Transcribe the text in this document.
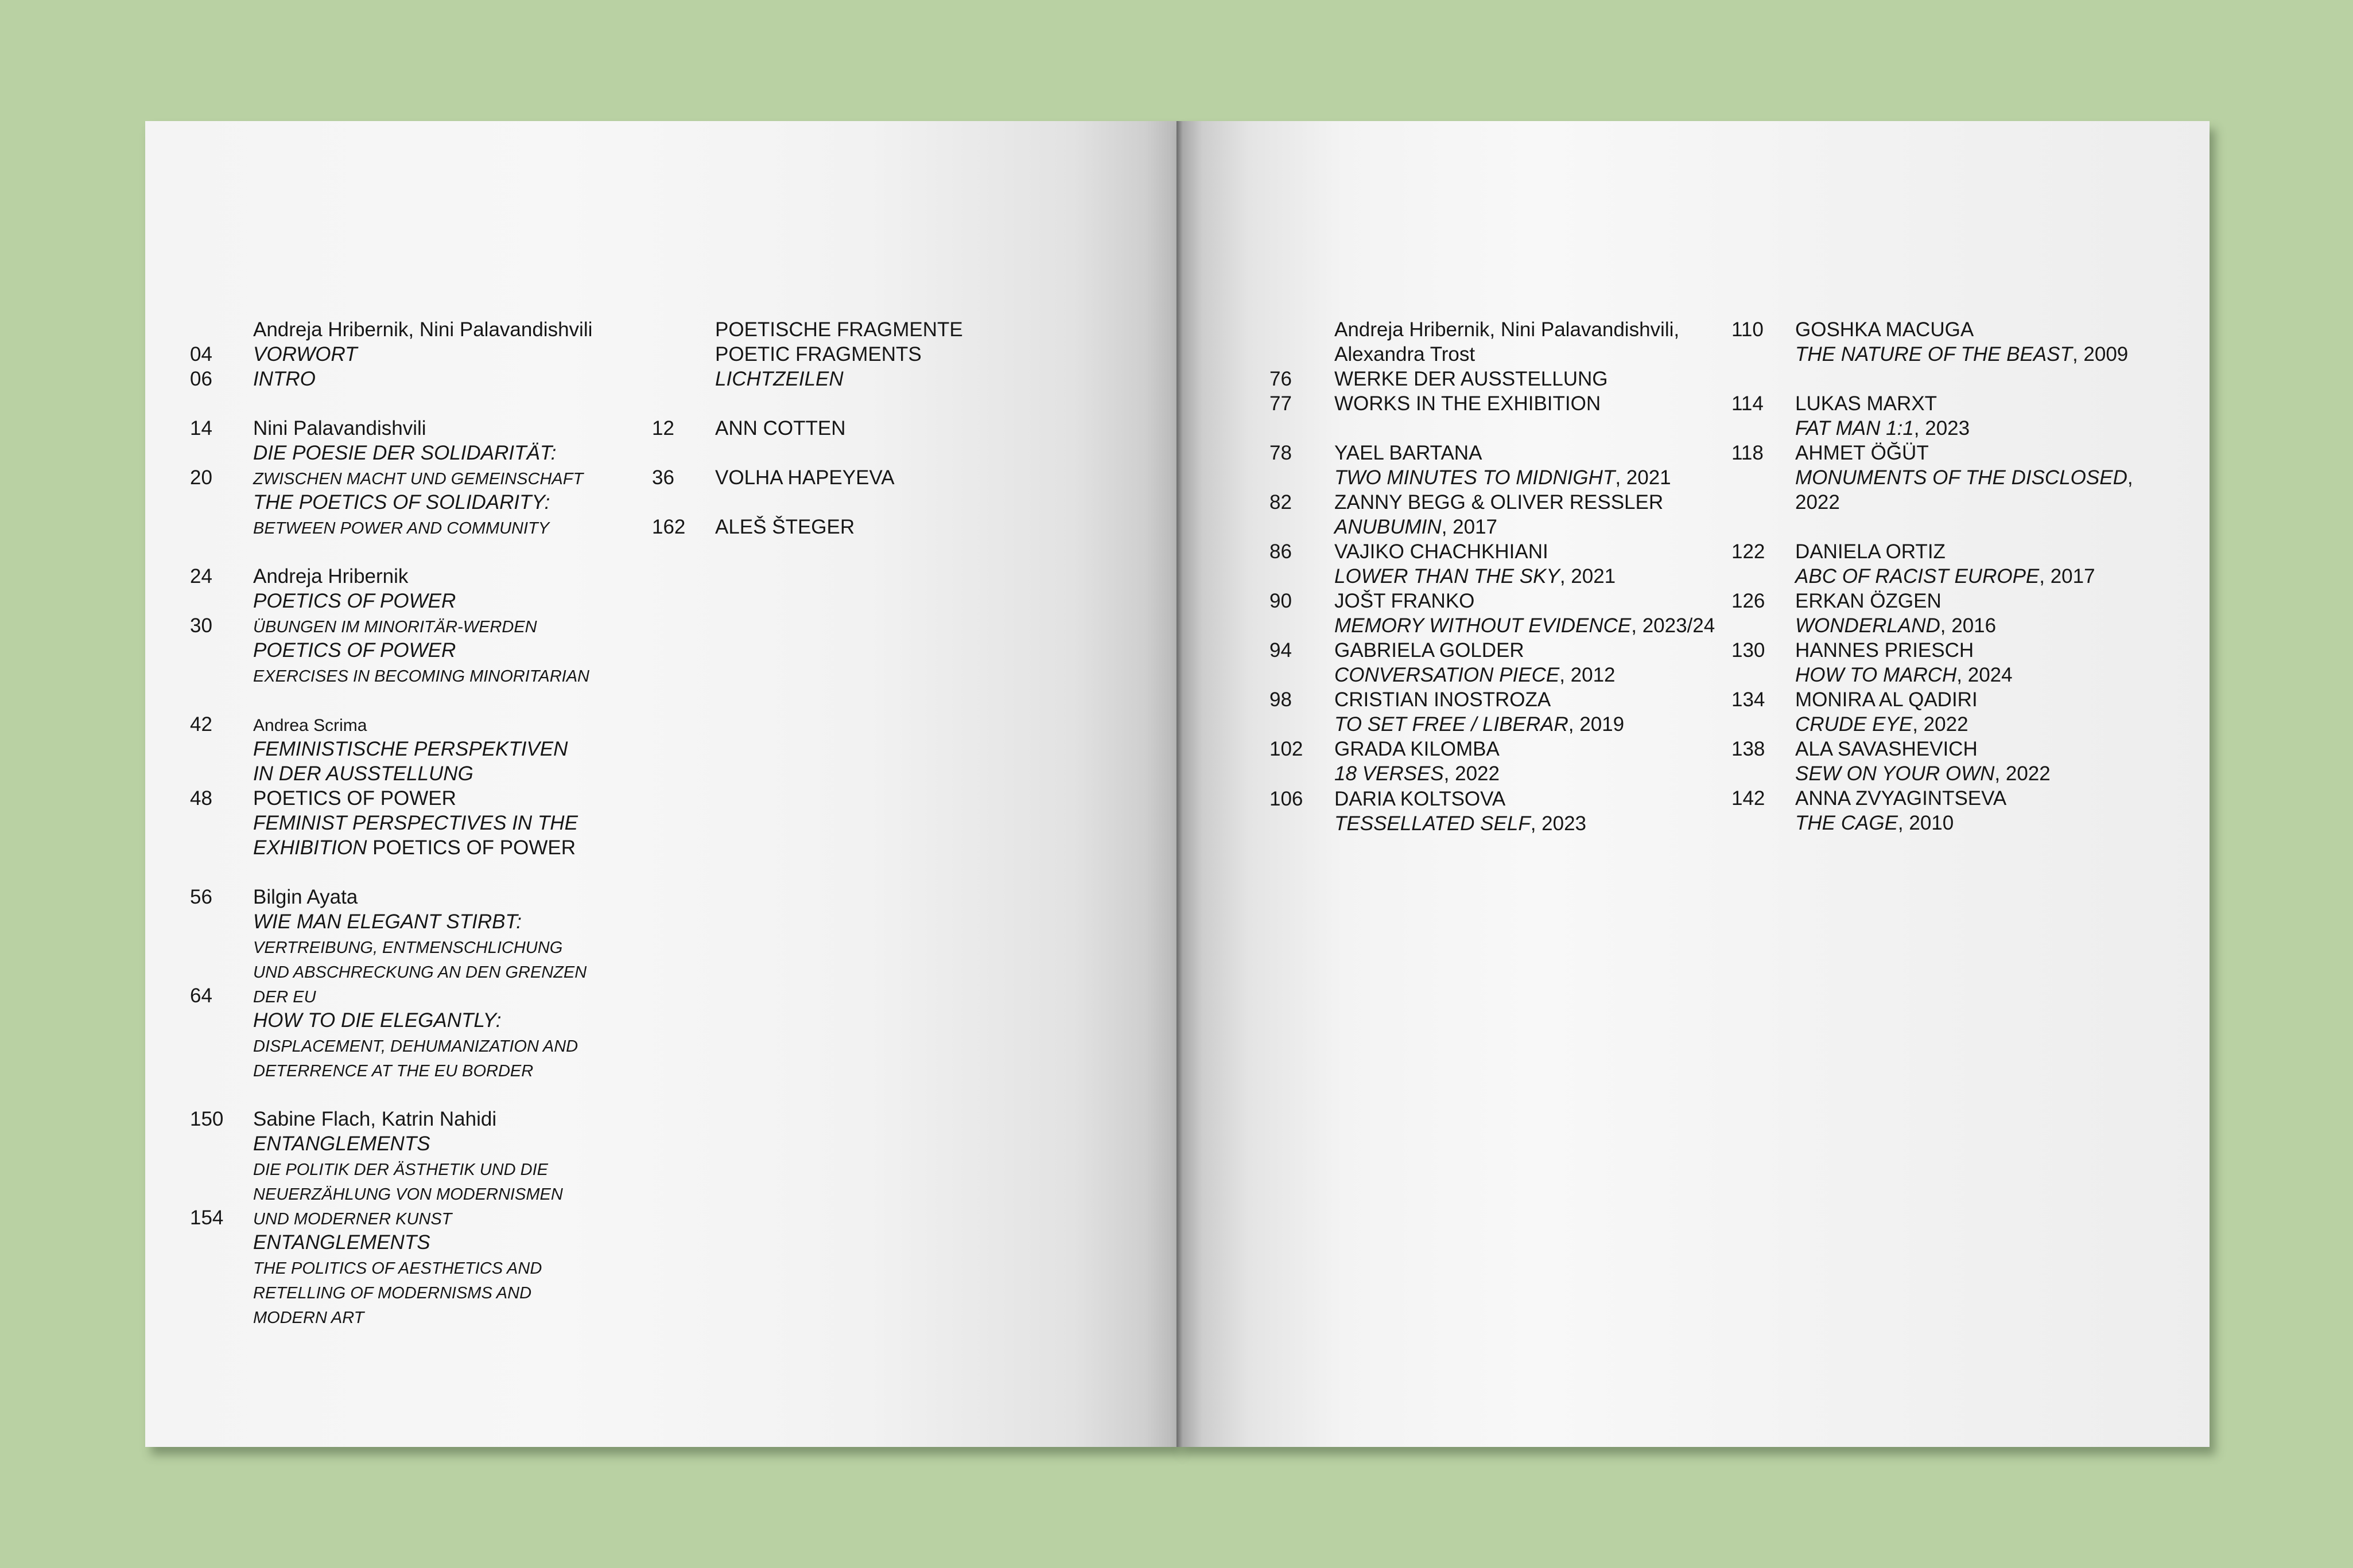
Andreja Hribernik, Nini Palavandishvili
04 VORWORT
06 INTRO
14 Nini Palavandishvili
DIE POESIE DER SOLIDARITÄT:
20 ZWISCHEN MACHT UND GEMEINSCHAFT
THE POETICS OF SOLIDARITY:
BETWEEN POWER AND COMMUNITY
24 Andreja Hribernik
POETICS OF POWER
30 ÜBUNGEN IM MINORITÄR-WERDEN
POETICS OF POWER
EXERCISES IN BECOMING MINORITARIAN
42 Andrea Scrima
FEMINISTISCHE PERSPEKTIVEN
IN DER AUSSTELLUNG
48 POETICS OF POWER
FEMINIST PERSPECTIVES IN THE
EXHIBITION POETICS OF POWER
56 Bilgin Ayata
WIE MAN ELEGANT STIRBT:
VERTREIBUNG, ENTMENSCHLICHUNG
UND ABSCHRECKUNG AN DEN GRENZEN
64 DER EU
HOW TO DIE ELEGANTLY:
DISPLACEMENT, DEHUMANIZATION AND
DETERRENCE AT THE EU BORDER
150 Sabine Flach, Katrin Nahidi
ENTANGLEMENTS
DIE POLITIK DER ÄSTHETIK UND DIE
NEUERZÄHLUNG VON MODERNISMEN
154 UND MODERNER KUNST
ENTANGLEMENTS
THE POLITICS OF AESTHETICS AND
RETELLING OF MODERNISMS AND
MODERN ART
POETISCHE FRAGMENTE
POETIC FRAGMENTS
LICHTZEILEN
12 ANN COTTEN
36 VOLHA HAPEYEVA
162 ALEŠ ŠTEGER
Andreja Hribernik, Nini Palavandishvili,
Alexandra Trost
76 WERKE DER AUSSTELLUNG
77 WORKS IN THE EXHIBITION
78 YAEL BARTANA
TWO MINUTES TO MIDNIGHT, 2021
82 ZANNY BEGG & OLIVER RESSLER
ANUBUMIN, 2017
86 VAJIKO CHACHKHIANI
LOWER THAN THE SKY, 2021
90 JOŠT FRANKO
MEMORY WITHOUT EVIDENCE, 2023/24
94 GABRIELA GOLDER
CONVERSATION PIECE, 2012
98 CRISTIAN INOSTROZA
TO SET FREE / LIBERAR, 2019
102 GRADA KILOMBA
18 VERSES, 2022
106 DARIA KOLTSOVA
TESSELLATED SELF, 2023
110 GOSHKA MACUGA
THE NATURE OF THE BEAST, 2009
114 LUKAS MARXT
FAT MAN 1:1, 2023
118 AHMET ÖĞÜT
MONUMENTS OF THE DISCLOSED,
2022
122 DANIELA ORTIZ
ABC OF RACIST EUROPE, 2017
126 ERKAN ÖZGEN
WONDERLAND, 2016
130 HANNES PRIESCH
HOW TO MARCH, 2024
134 MONIRA AL QADIRI
CRUDE EYE, 2022
138 ALA SAVASHEVICH
SEW ON YOUR OWN, 2022
142 ANNA ZVYAGINTSEVA
THE CAGE, 2010
